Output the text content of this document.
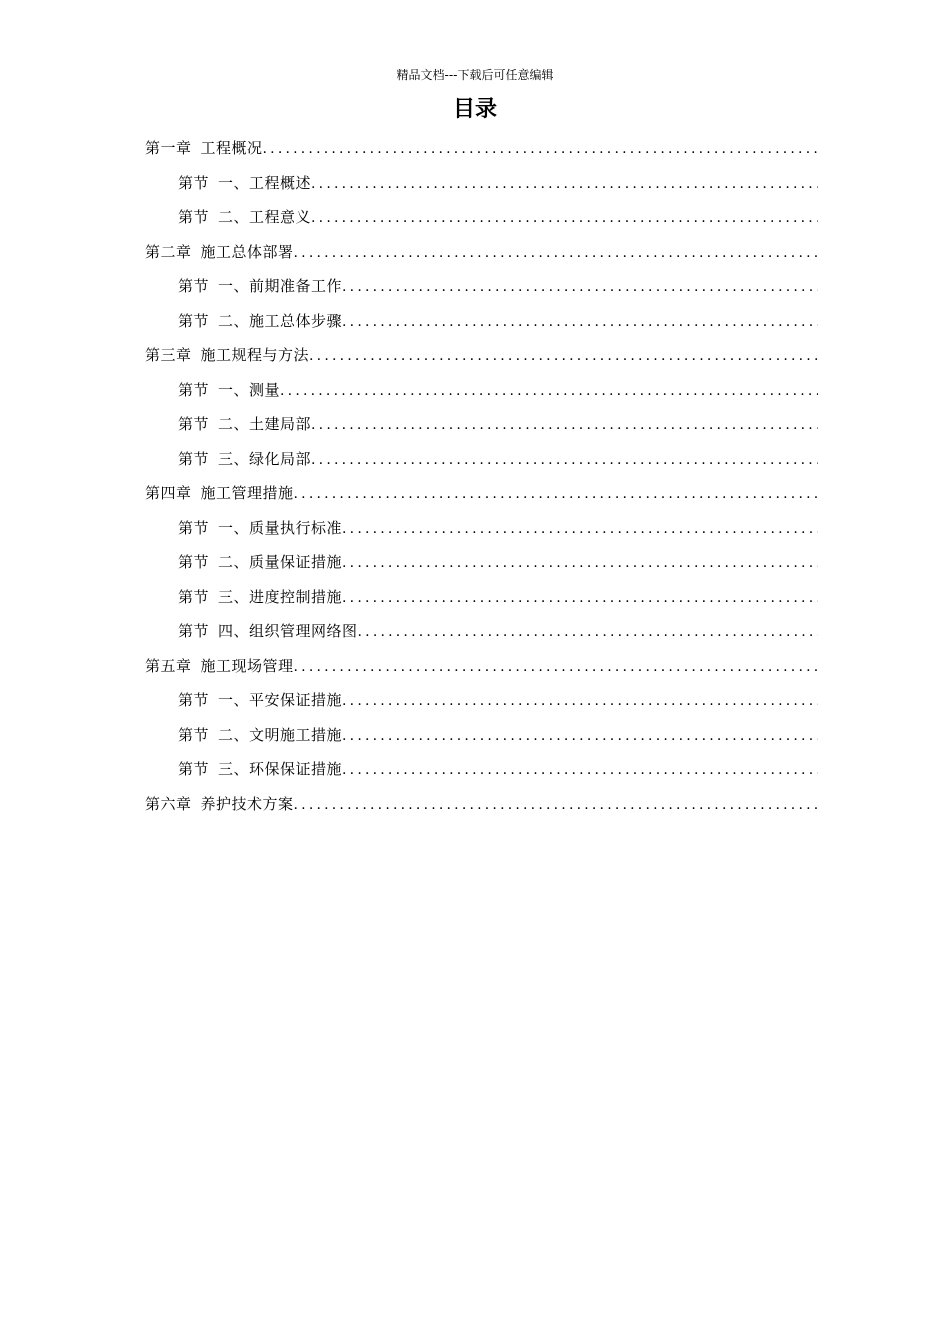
精品文档---下载后可任意编辑
目录
第一章 工程概况
.....
第节 一、工程概述
.....
第节 二、工程意义
.....
第二章 施工总体部署
.....
第节 一、前期准备工作
.....
第节 二、施工总体步骤
.....
第三章 施工规程与方法
.....
第节 一、测量
.....
第节 二、土建局部
.....
第节 三、绿化局部
.....
第四章 施工管理措施
.....
第节 一、质量执行标准
.....
第节 二、质量保证措施
.....
第节 三、进度控制措施
.....
第节 四、组织管理网络图
.....
第五章 施工现场管理
.....
第节 一、平安保证措施
.....
第节 二、文明施工措施
.....
第节 三、环保保证措施
.....
第六章 养护技术方案
.....
